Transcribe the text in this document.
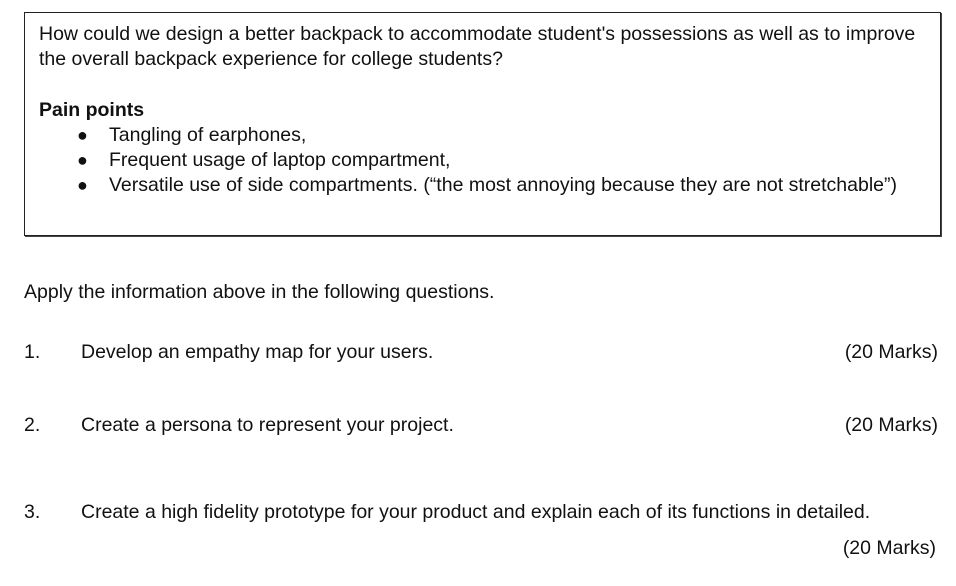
How could we design a better backpack to accommodate student's possessions as well as to improve the overall backpack experience for college students?

Pain points

● Tangling of earphones,
● Frequent usage of laptop compartment,
● Versatile use of side compartments. (“the most annoying because they are not stretchable”)

Apply the information above in the following questions.

1. Develop an empathy map for your users.	(20 Marks)
2. Create a persona to represent your project.	(20 Marks)
3. Create a high fidelity prototype for your product and explain each of its functions in detailed.
(20 Marks)
